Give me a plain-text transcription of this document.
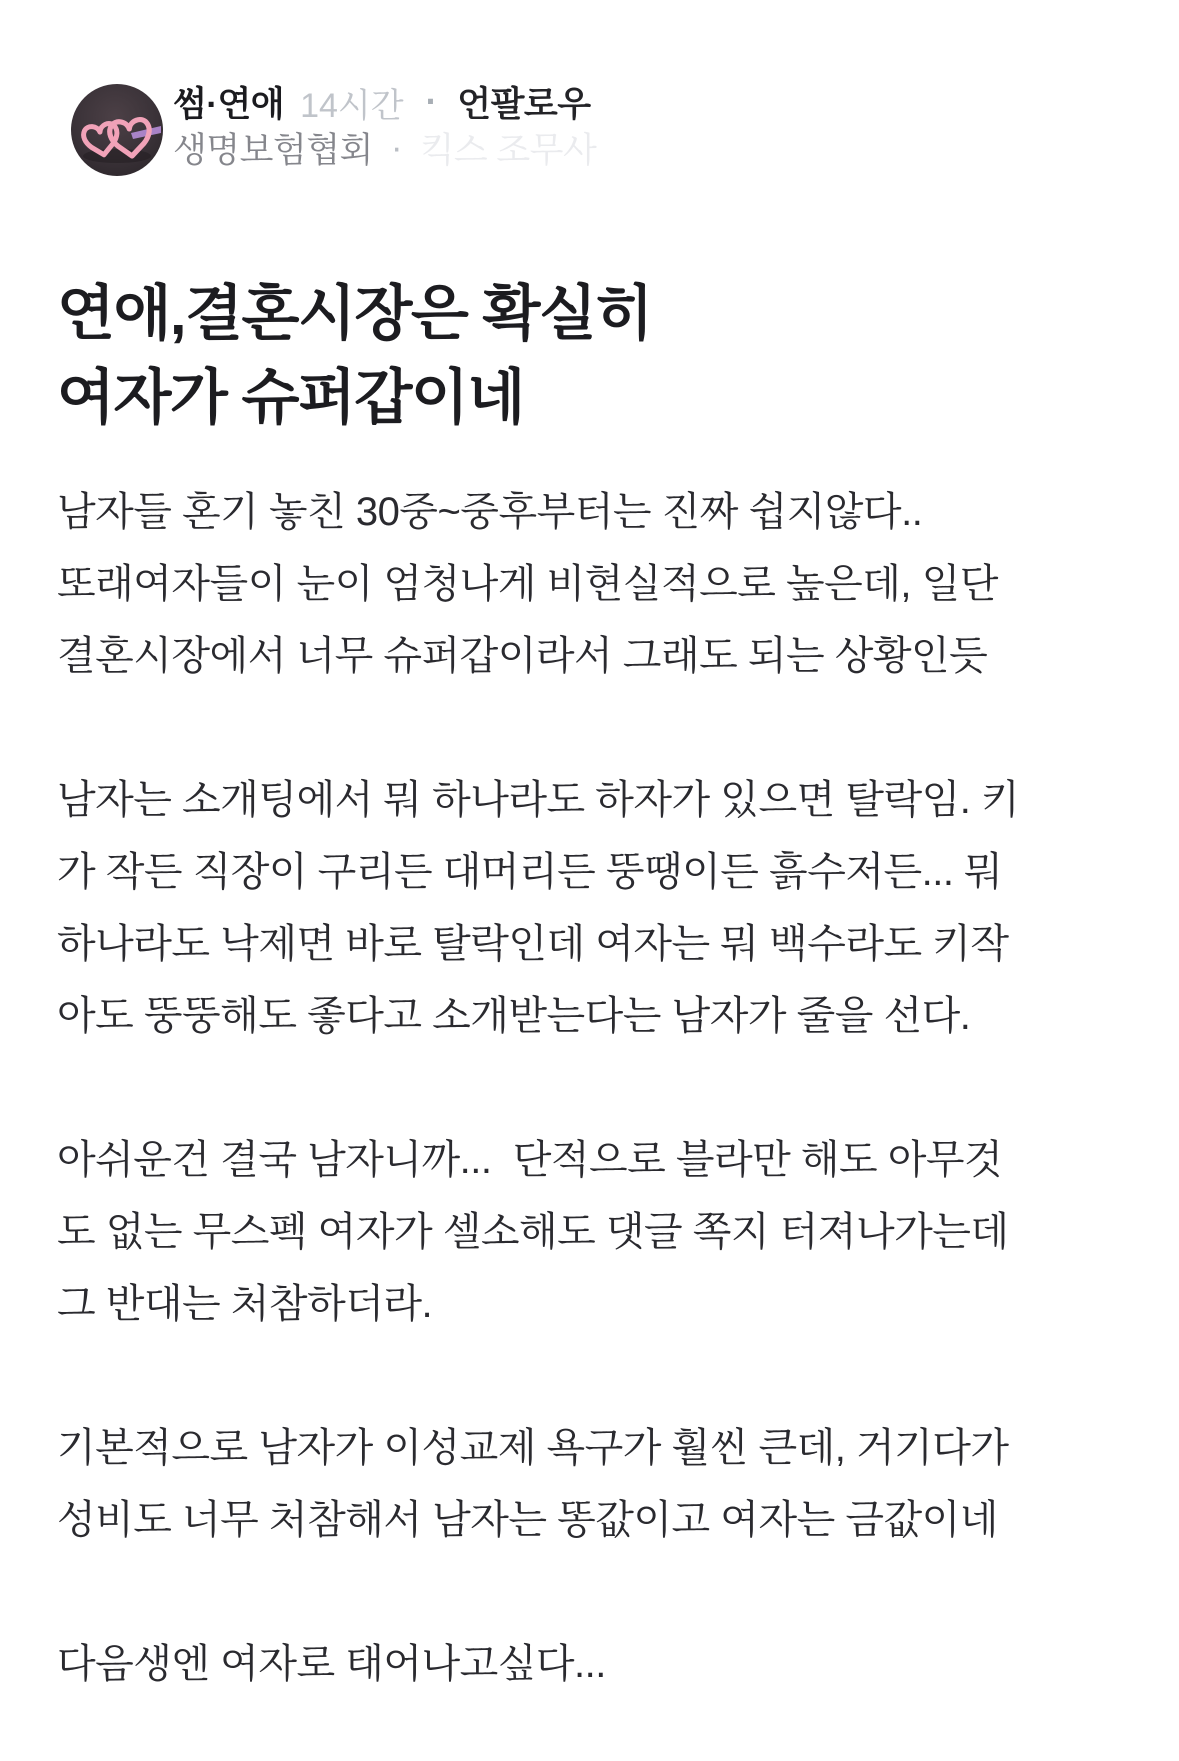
썸·연애 14시간 · 언팔로우
생명보험협회 · 킥스 조무사
연애,결혼시장은 확실히
여자가 슈퍼갑이네
남자들 혼기 놓친 30중~중후부터는 진짜 쉽지않다..
또래여자들이 눈이 엄청나게 비현실적으로 높은데, 일단
결혼시장에서 너무 슈퍼갑이라서 그래도 되는 상황인듯
남자는 소개팅에서 뭐 하나라도 하자가 있으면 탈락임. 키
가 작든 직장이 구리든 대머리든 뚱땡이든 흙수저든... 뭐
하나라도 낙제면 바로 탈락인데 여자는 뭐 백수라도 키작
아도 뚱뚱해도 좋다고 소개받는다는 남자가 줄을 선다.
아쉬운건 결국 남자니까...  단적으로 블라만 해도 아무것
도 없는 무스펙 여자가 셀소해도 댓글 쪽지 터져나가는데
그 반대는 처참하더라.
기본적으로 남자가 이성교제 욕구가 훨씬 큰데, 거기다가
성비도 너무 처참해서 남자는 똥값이고 여자는 금값이네
다음생엔 여자로 태어나고싶다...
